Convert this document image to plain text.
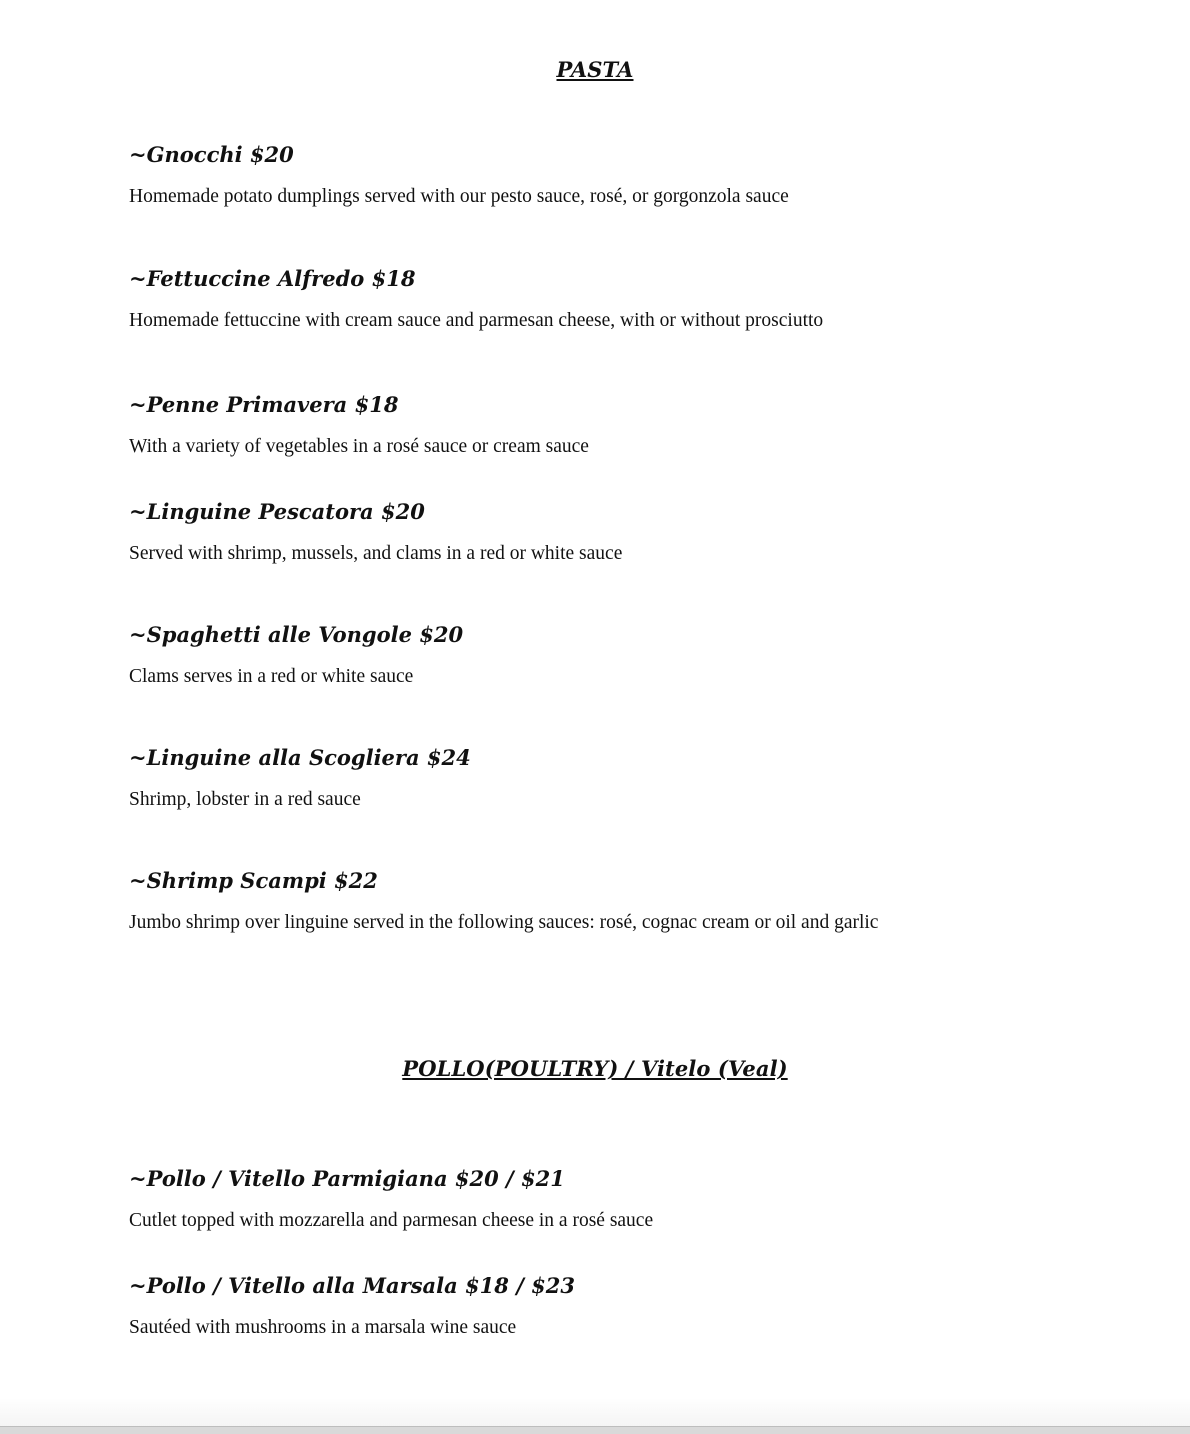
PASTA
~Gnocchi $20
Homemade potato dumplings served with our pesto sauce, rosé, or gorgonzola sauce
~Fettuccine Alfredo $18
Homemade fettuccine with cream sauce and parmesan cheese, with or without prosciutto
~Penne Primavera $18
With a variety of vegetables in a rosé sauce or cream sauce
~Linguine Pescatora $20
Served with shrimp, mussels, and clams in a red or white sauce
~Spaghetti alle Vongole $20
Clams serves in a red or white sauce
~Linguine alla Scogliera $24
Shrimp, lobster in a red sauce
~Shrimp Scampi $22
Jumbo shrimp over linguine served in the following sauces: rosé, cognac cream or oil and garlic
POLLO(POULTRY) / Vitelo (Veal)
~Pollo / Vitello Parmigiana $20 / $21
Cutlet topped with mozzarella and parmesan cheese in a rosé sauce
~Pollo / Vitello alla Marsala $18 / $23
Sautéed with mushrooms in a marsala wine sauce
